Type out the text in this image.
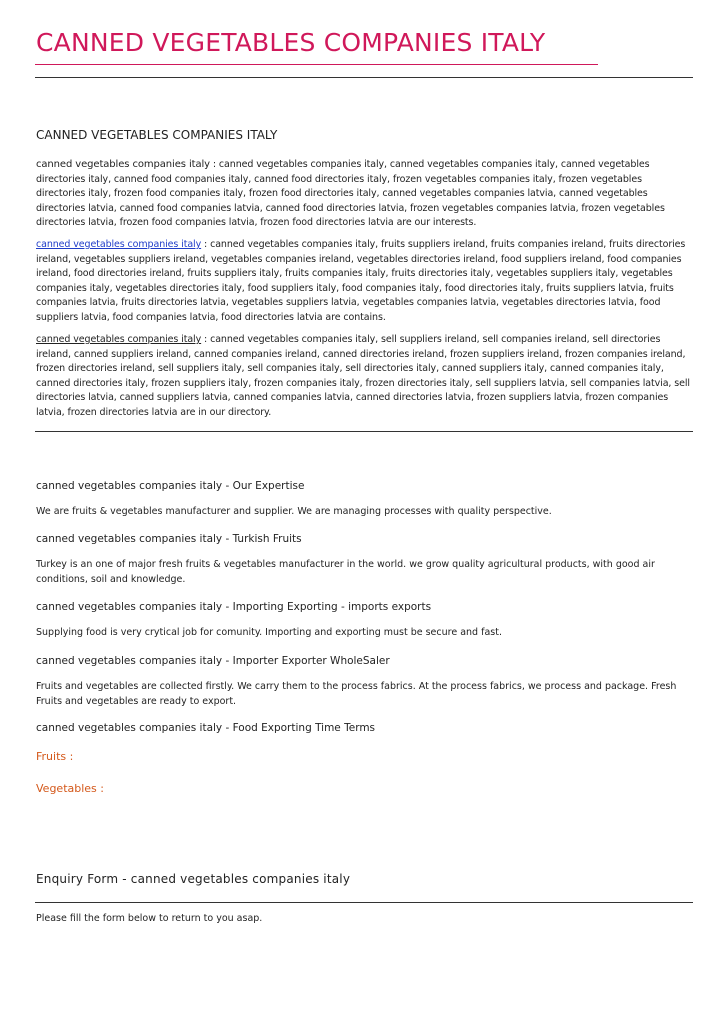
CANNED VEGETABLES COMPANIES ITALY

CANNED VEGETABLES COMPANIES ITALY

canned vegetables companies italy : canned vegetables companies italy, canned vegetables companies italy, canned vegetables directories italy, canned food companies italy, canned food directories italy, frozen vegetables companies italy, frozen vegetables directories italy, frozen food companies italy, frozen food directories italy, canned vegetables companies latvia, canned vegetables directories latvia, canned food companies latvia, canned food directories latvia, frozen vegetables companies latvia, frozen vegetables directories latvia, frozen food companies latvia, frozen food directories latvia are our interests.

canned vegetables companies italy : canned vegetables companies italy, fruits suppliers ireland, fruits companies ireland, fruits directories ireland, vegetables suppliers ireland, vegetables companies ireland, vegetables directories ireland, food suppliers ireland, food companies ireland, food directories ireland, fruits suppliers italy, fruits companies italy, fruits directories italy, vegetables suppliers italy, vegetables companies italy, vegetables directories italy, food suppliers italy, food companies italy, food directories italy, fruits suppliers latvia, fruits companies latvia, fruits directories latvia, vegetables suppliers latvia, vegetables companies latvia, vegetables directories latvia, food suppliers latvia, food companies latvia, food directories latvia are contains.

canned vegetables companies italy : canned vegetables companies italy, sell suppliers ireland, sell companies ireland, sell directories ireland, canned suppliers ireland, canned companies ireland, canned directories ireland, frozen suppliers ireland, frozen companies ireland, frozen directories ireland, sell suppliers italy, sell companies italy, sell directories italy, canned suppliers italy, canned companies italy, canned directories italy, frozen suppliers italy, frozen companies italy, frozen directories italy, sell suppliers latvia, sell companies latvia, sell directories latvia, canned suppliers latvia, canned companies latvia, canned directories latvia, frozen suppliers latvia, frozen companies latvia, frozen directories latvia are in our directory.

canned vegetables companies italy - Our Expertise

We are fruits & vegetables manufacturer and supplier. We are managing processes with quality perspective.

canned vegetables companies italy - Turkish Fruits

Turkey is an one of major fresh fruits & vegetables manufacturer in the world. we grow quality agricultural products, with good air conditions, soil and knowledge.

canned vegetables companies italy - Importing Exporting - imports exports

Supplying food is very crytical job for comunity. Importing and exporting must be secure and fast.

canned vegetables companies italy - Importer Exporter WholeSaler

Fruits and vegetables are collected firstly. We carry them to the process fabrics. At the process fabrics, we process and package. Fresh Fruits and vegetables are ready to export.

canned vegetables companies italy - Food Exporting Time Terms

Fruits :

Vegetables :

Enquiry Form - canned vegetables companies italy

Please fill the form below to return to you asap.
